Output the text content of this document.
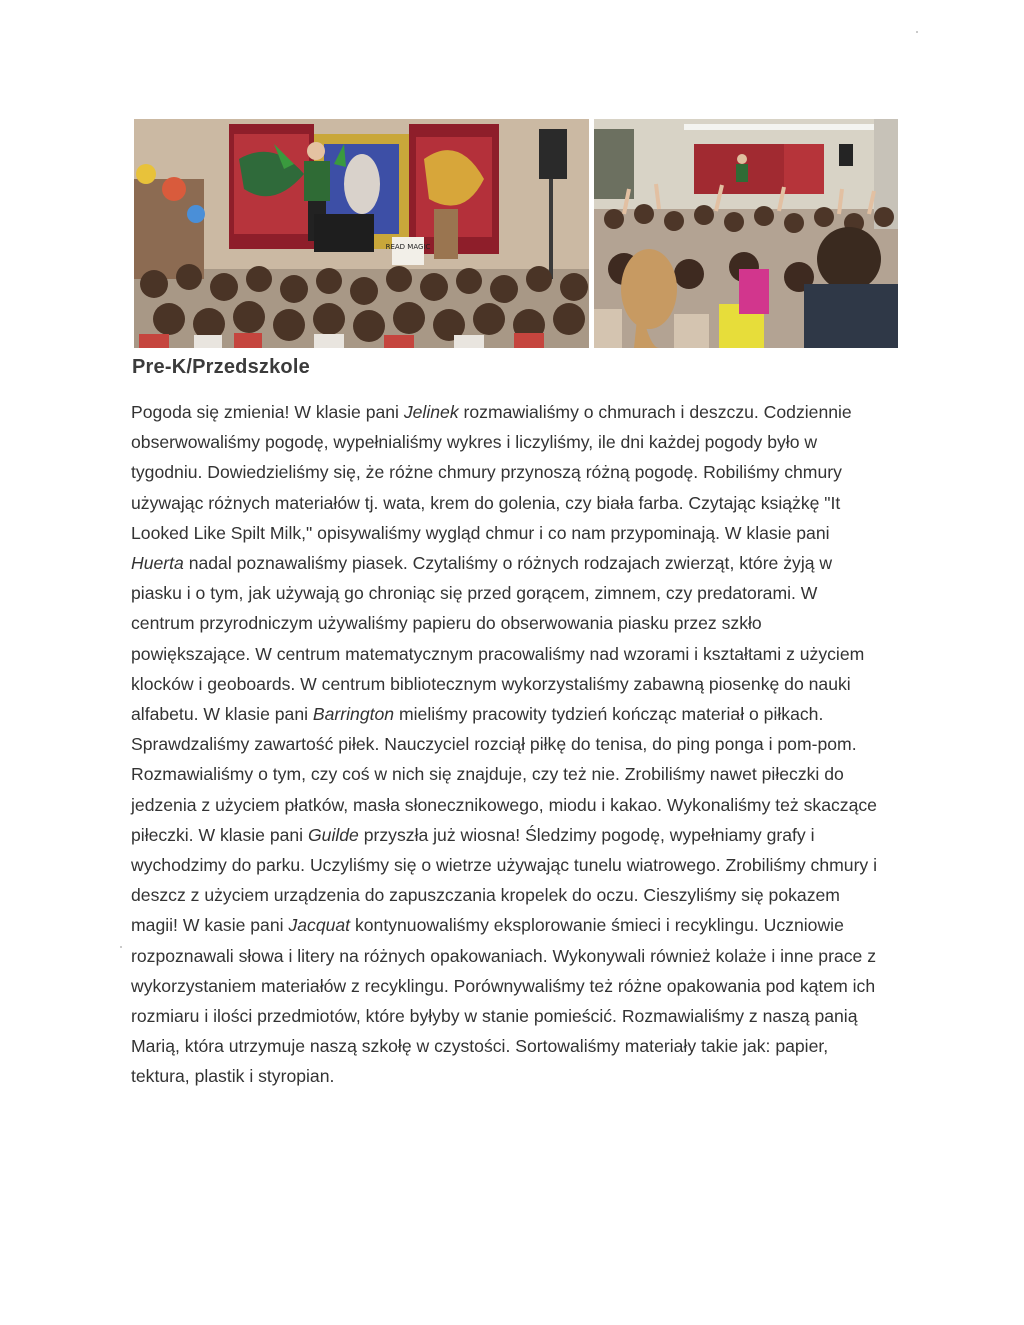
READ MAGIC
Pre-K/Przedszkole

Pogoda się zmienia! W klasie pani Jelinek rozmawialiśmy o chmurach i deszczu. Codziennie
obserwowaliśmy pogodę, wypełnialiśmy wykres i liczyliśmy, ile dni każdej pogody było w
tygodniu. Dowiedzieliśmy się, że różne chmury przynoszą różną pogodę. Robiliśmy chmury
używając różnych materiałów tj. wata, krem do golenia, czy biała farba. Czytając książkę "It
Looked Like Spilt Milk," opisywaliśmy wygląd chmur i co nam przypominają. W klasie pani
Huerta nadal poznawaliśmy piasek. Czytaliśmy o różnych rodzajach zwierząt, które żyją w
piasku i o tym, jak używają go chroniąc się przed gorącem, zimnem, czy predatorami. W
centrum przyrodniczym używaliśmy papieru do obserwowania piasku przez szkło
powiększające. W centrum matematycznym pracowaliśmy nad wzorami i kształtami z użyciem
klocków i geoboards. W centrum bibliotecznym wykorzystaliśmy zabawną piosenkę do nauki
alfabetu. W klasie pani Barrington mieliśmy pracowity tydzień kończąc materiał o piłkach.
Sprawdzaliśmy zawartość piłek. Nauczyciel rozciął piłkę do tenisa, do ping ponga i pom-pom.
Rozmawialiśmy o tym, czy coś w nich się znajduje, czy też nie. Zrobiliśmy nawet piłeczki do
jedzenia z użyciem płatków, masła słonecznikowego, miodu i kakao. Wykonaliśmy też skaczące
piłeczki. W klasie pani Guilde przyszła już wiosna! Śledzimy pogodę, wypełniamy grafy i
wychodzimy do parku. Uczyliśmy się o wietrze używając tunelu wiatrowego. Zrobiliśmy chmury i
deszcz z użyciem urządzenia do zapuszczania kropelek do oczu. Cieszyliśmy się pokazem
magii! W kasie pani Jacquat kontynuowaliśmy eksplorowanie śmieci i recyklingu. Uczniowie
rozpoznawali słowa i litery na różnych opakowaniach. Wykonywali również kolaże i inne prace z
wykorzystaniem materiałów z recyklingu. Porównywaliśmy też różne opakowania pod kątem ich
rozmiaru i ilości przedmiotów, które byłyby w stanie pomieścić. Rozmawialiśmy z naszą panią
Marią, która utrzymuje naszą szkołę w czystości. Sortowaliśmy materiały takie jak: papier,
tektura, plastik i styropian.
